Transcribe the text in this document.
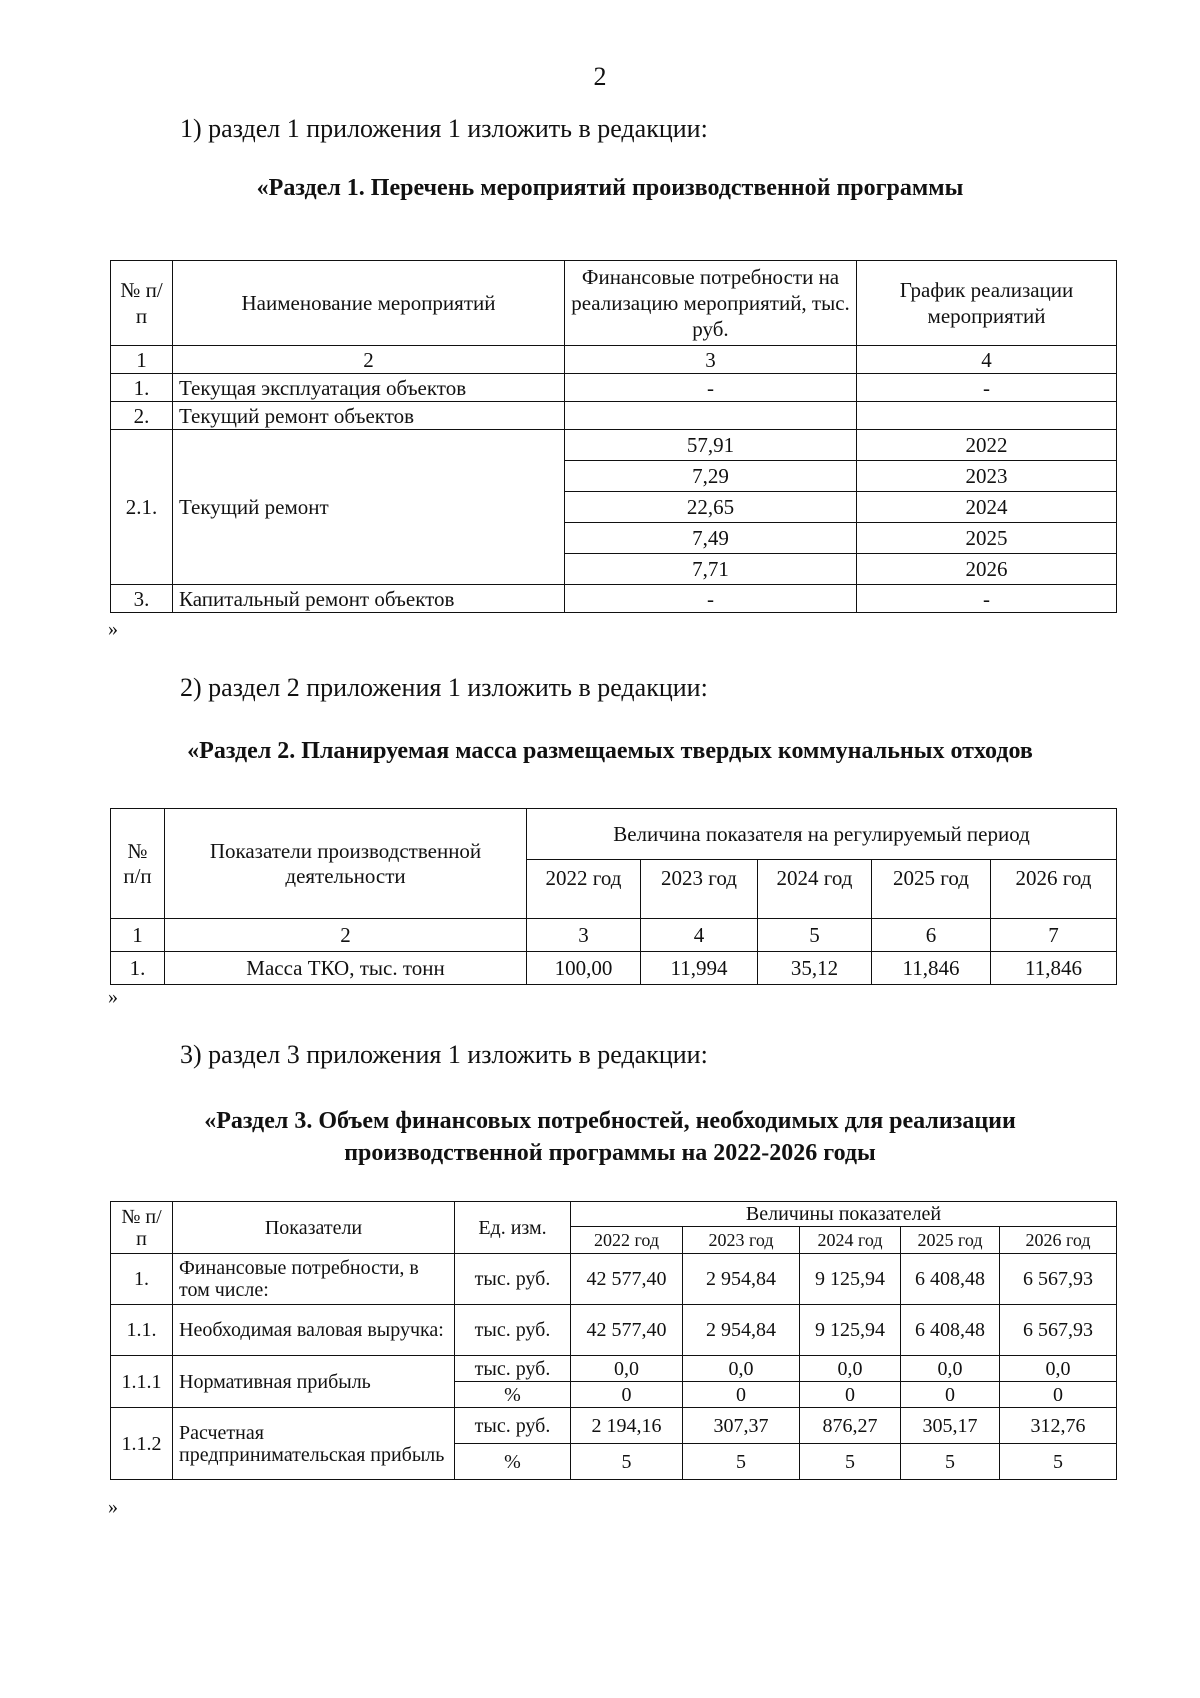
2
1) раздел 1 приложения 1 изложить в редакции:
«Раздел 1. Перечень мероприятий производственной программы
№ п/п	Наименование мероприятий	Финансовые потребности на реализацию мероприятий, тыс. руб.	График реализации мероприятий
1	2	3	4
1.	Текущая эксплуатация объектов	-	-
2.	Текущий ремонт объектов		
2.1.	Текущий ремонт	57,91	2022
		7,29	2023
		22,65	2024
		7,49	2025
		7,71	2026
3.	Капитальный ремонт объектов	-	-
»
2) раздел 2 приложения 1 изложить в редакции:
«Раздел 2. Планируемая масса размещаемых твердых коммунальных отходов
№ п/п	Показатели производственной деятельности	Величина показателя на регулируемый период				
		2022 год	2023 год	2024 год	2025 год	2026 год
1	2	3	4	5	6	7
1.	Масса ТКО, тыс. тонн	100,00	11,994	35,12	11,846	11,846
»
3) раздел 3 приложения 1 изложить в редакции:
«Раздел 3. Объем финансовых потребностей, необходимых для реализации
производственной программы на 2022-2026 годы
№ п/п	Показатели	Ед. изм.	Величины показателей				
			2022 год	2023 год	2024 год	2025 год	2026 год
1.	Финансовые потребности, в том числе:	тыс. руб.	42 577,40	2 954,84	9 125,94	6 408,48	6 567,93
1.1.	Необходимая валовая выручка:	тыс. руб.	42 577,40	2 954,84	9 125,94	6 408,48	6 567,93
1.1.1	Нормативная прибыль	тыс. руб.	0,0	0,0	0,0	0,0	0,0
		%	0	0	0	0	0
1.1.2	Расчетная предпринимательская прибыль	тыс. руб.	2 194,16	307,37	876,27	305,17	312,76
		%	5	5	5	5	5
»
